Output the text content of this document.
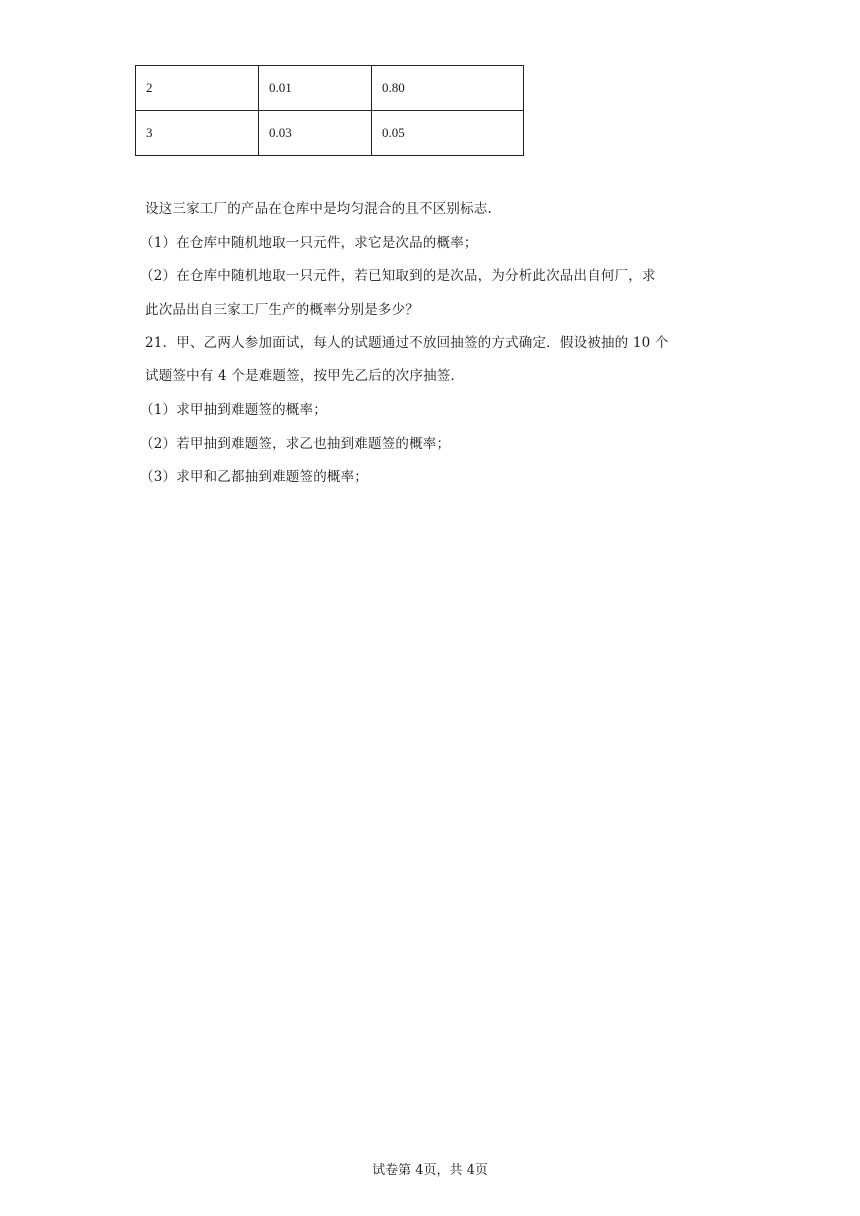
2	0.01	0.80
3	0.03	0.05
设这三家工厂的产品在仓库中是均匀混合的且不区别标志.
（1）在仓库中随机地取一只元件，求它是次品的概率；
（2）在仓库中随机地取一只元件，若已知取到的是次品，为分析此次品出自何厂，求
此次品出自三家工厂生产的概率分别是多少？
21．甲、乙两人参加面试，每人的试题通过不放回抽签的方式确定．假设被抽的 10 个
试题签中有 4 个是难题签，按甲先乙后的次序抽签．
（1）求甲抽到难题签的概率；
（2）若甲抽到难题签，求乙也抽到难题签的概率；
（3）求甲和乙都抽到难题签的概率；
试卷第 4页，共 4页
